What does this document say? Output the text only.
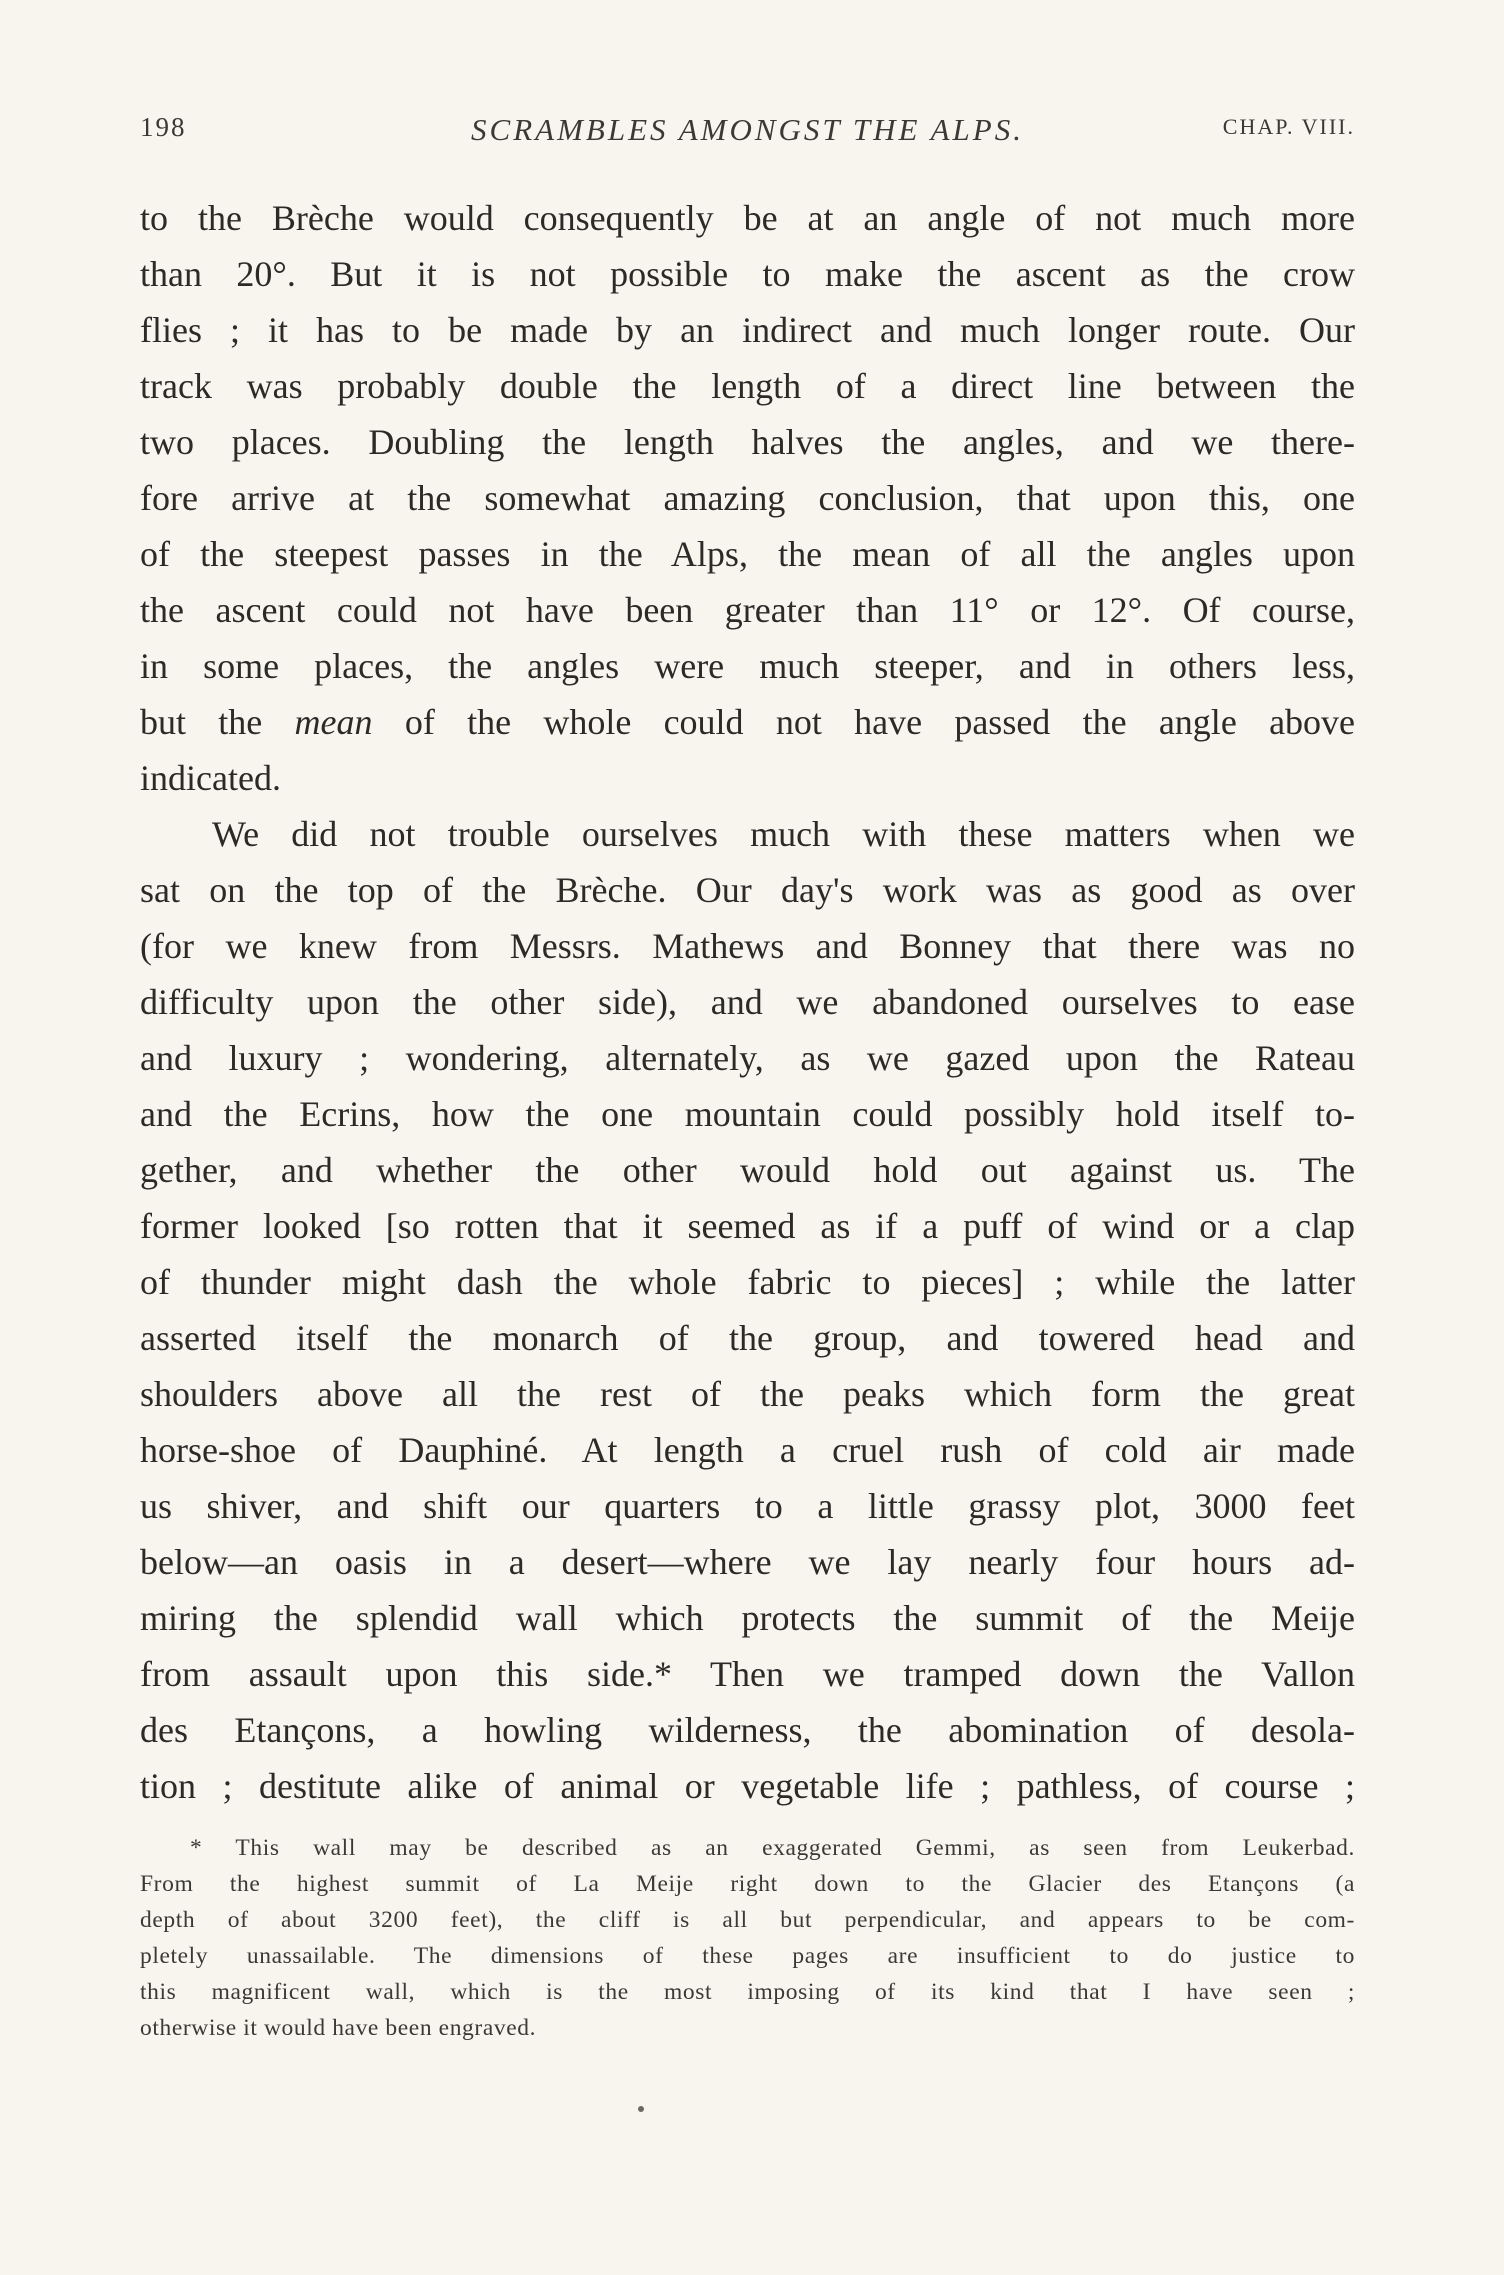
198	SCRAMBLES AMONGST THE ALPS.	CHAP. VIII.
to the Brèche would consequently be at an angle of not much more
than 20°. But it is not possible to make the ascent as the crow
flies ; it has to be made by an indirect and much longer route. Our
track was probably double the length of a direct line between the
two places. Doubling the length halves the angles, and we there-
fore arrive at the somewhat amazing conclusion, that upon this, one
of the steepest passes in the Alps, the mean of all the angles upon
the ascent could not have been greater than 11° or 12°. Of course,
in some places, the angles were much steeper, and in others less,
but the mean of the whole could not have passed the angle above
indicated.
We did not trouble ourselves much with these matters when we
sat on the top of the Brèche. Our day's work was as good as over
(for we knew from Messrs. Mathews and Bonney that there was no
difficulty upon the other side), and we abandoned ourselves to ease
and luxury ; wondering, alternately, as we gazed upon the Rateau
and the Ecrins, how the one mountain could possibly hold itself to-
gether, and whether the other would hold out against us. The
former looked [so rotten that it seemed as if a puff of wind or a clap
of thunder might dash the whole fabric to pieces] ; while the latter
asserted itself the monarch of the group, and towered head and
shoulders above all the rest of the peaks which form the great
horse-shoe of Dauphiné. At length a cruel rush of cold air made
us shiver, and shift our quarters to a little grassy plot, 3000 feet
below—an oasis in a desert—where we lay nearly four hours ad-
miring the splendid wall which protects the summit of the Meije
from assault upon this side.* Then we tramped down the Vallon
des Etançons, a howling wilderness, the abomination of desola-
tion ; destitute alike of animal or vegetable life ; pathless, of course ;
* This wall may be described as an exaggerated Gemmi, as seen from Leukerbad.
From the highest summit of La Meije right down to the Glacier des Etançons (a
depth of about 3200 feet), the cliff is all but perpendicular, and appears to be com-
pletely unassailable. The dimensions of these pages are insufficient to do justice to
this magnificent wall, which is the most imposing of its kind that I have seen ;
otherwise it would have been engraved.
